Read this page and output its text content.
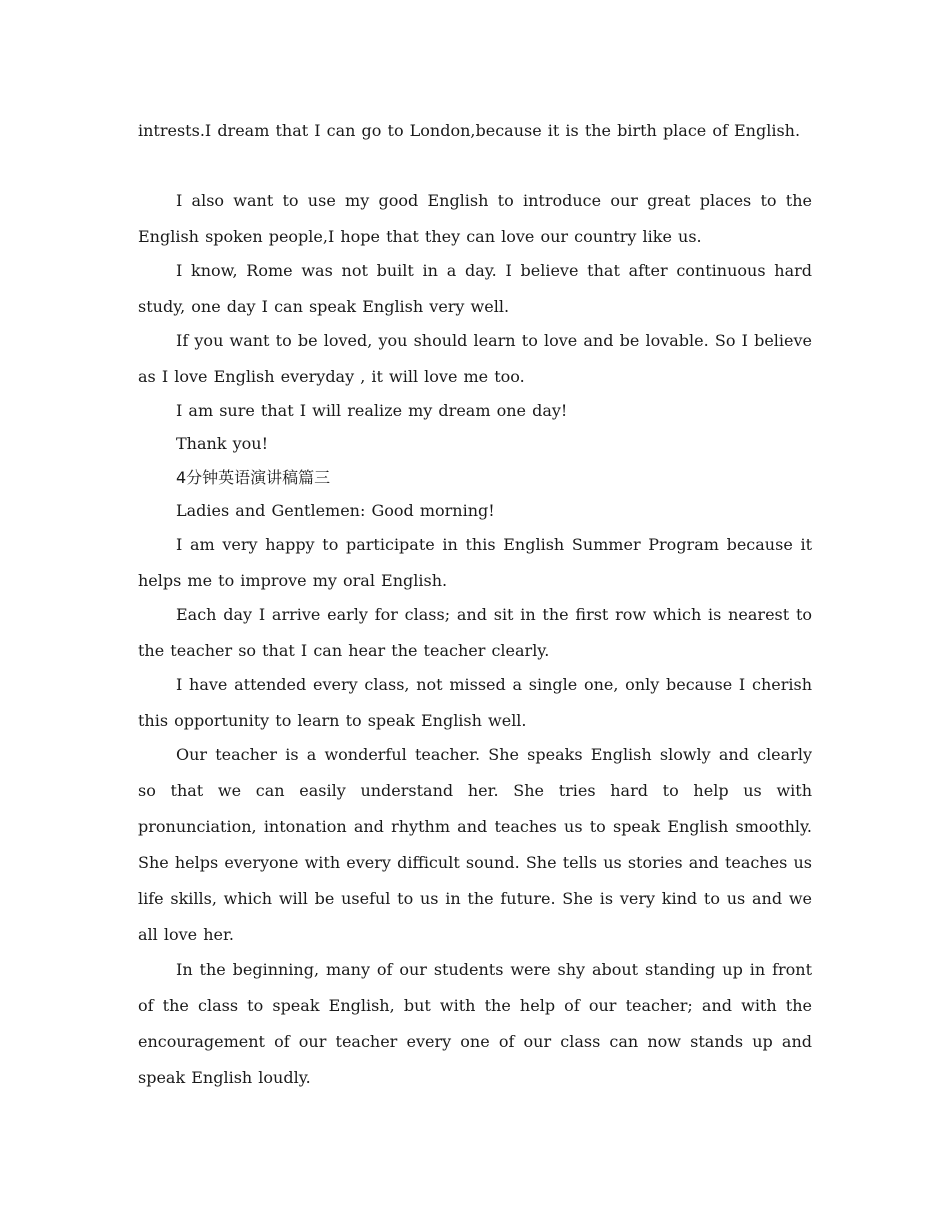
intrests.I dream that I can go to London,because it is the birth place of English.

I also want to use my good English to introduce our great places to the English spoken people,I hope that they can love our country like us.

I know, Rome was not built in a day. I believe that after continuous hard study, one day I can speak English very well.

If you want to be loved, you should learn to love and be lovable. So I believe as I love English everyday , it will love me too.

I am sure that I will realize my dream one day!

Thank you!

4分钟英语演讲稿篇三

Ladies and Gentlemen: Good morning!

I am very happy to participate in this English Summer Program because it helps me to improve my oral English.

Each day I arrive early for class; and sit in the first row which is nearest to the teacher so that I can hear the teacher clearly.

I have attended every class, not missed a single one, only because I cherish this opportunity to learn to speak English well.

Our teacher is a wonderful teacher. She speaks English slowly and clearly so that we can easily understand her. She tries hard to help us with pronunciation, intonation and rhythm and teaches us to speak English smoothly. She helps everyone with every difficult sound. She tells us stories and teaches us life skills, which will be useful to us in the future. She is very kind to us and we all love her.

In the beginning, many of our students were shy about standing up in front of the class to speak English, but with the help of our teacher; and with the encouragement of our teacher every one of our class can now stands up and speak English loudly.
